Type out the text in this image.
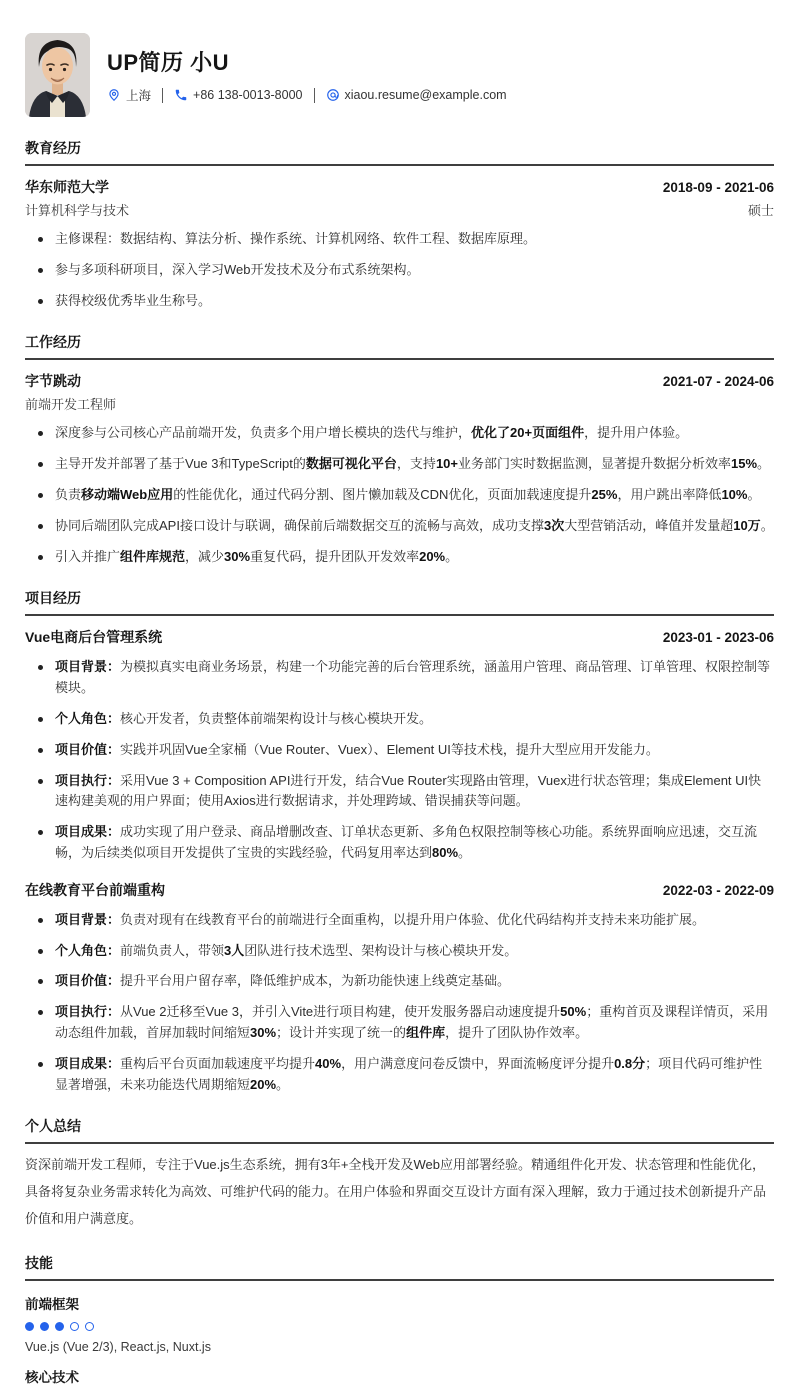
UP简历 小U
上海	+86 138-0013-8000	xiaou.resume@example.com
教育经历
华东师范大学	2018-09 - 2021-06
计算机科学与技术	硕士
主修课程：数据结构、算法分析、操作系统、计算机网络、软件工程、数据库原理。
参与多项科研项目，深入学习Web开发技术及分布式系统架构。
获得校级优秀毕业生称号。
工作经历
字节跳动	2021-07 - 2024-06
前端开发工程师
深度参与公司核心产品前端开发，负责多个用户增长模块的迭代与维护，优化了20+页面组件，提升用户体验。
主导开发并部署了基于Vue 3和TypeScript的数据可视化平台，支持10+业务部门实时数据监测，显著提升数据分析效率15%。
负责移动端Web应用的性能优化，通过代码分割、图片懒加载及CDN优化，页面加载速度提升25%，用户跳出率降低10%。
协同后端团队完成API接口设计与联调，确保前后端数据交互的流畅与高效，成功支撑3次大型营销活动，峰值并发量超10万。
引入并推广组件库规范，减少30%重复代码，提升团队开发效率20%。
项目经历
Vue电商后台管理系统	2023-01 - 2023-06
项目背景：为模拟真实电商业务场景，构建一个功能完善的后台管理系统，涵盖用户管理、商品管理、订单管理、权限控制等模块。
个人角色：核心开发者，负责整体前端架构设计与核心模块开发。
项目价值：实践并巩固Vue全家桶（Vue Router、Vuex）、Element UI等技术栈，提升大型应用开发能力。
项目执行：采用Vue 3 + Composition API进行开发，结合Vue Router实现路由管理，Vuex进行状态管理；集成Element UI快速构建美观的用户界面；使用Axios进行数据请求，并处理跨域、错误捕获等问题。
项目成果：成功实现了用户登录、商品增删改查、订单状态更新、多角色权限控制等核心功能。系统界面响应迅速，交互流畅，为后续类似项目开发提供了宝贵的实践经验，代码复用率达到80%。
在线教育平台前端重构	2022-03 - 2022-09
项目背景：负责对现有在线教育平台的前端进行全面重构，以提升用户体验、优化代码结构并支持未来功能扩展。
个人角色：前端负责人，带领3人团队进行技术选型、架构设计与核心模块开发。
项目价值：提升平台用户留存率，降低维护成本，为新功能快速上线奠定基础。
项目执行：从Vue 2迁移至Vue 3，并引入Vite进行项目构建，使开发服务器启动速度提升50%；重构首页及课程详情页，采用动态组件加载，首屏加载时间缩短30%；设计并实现了统一的组件库，提升了团队协作效率。
项目成果：重构后平台页面加载速度平均提升40%，用户满意度问卷反馈中，界面流畅度评分提升0.8分；项目代码可维护性显著增强，未来功能迭代周期缩短20%。
个人总结
资深前端开发工程师，专注于Vue.js生态系统，拥有3年+全栈开发及Web应用部署经验。精通组件化开发、状态管理和性能优化，具备将复杂业务需求转化为高效、可维护代码的能力。在用户体验和界面交互设计方面有深入理解，致力于通过技术创新提升产品价值和用户满意度。
技能
前端框架
Vue.js (Vue 2/3), React.js, Nuxt.js
核心技术
